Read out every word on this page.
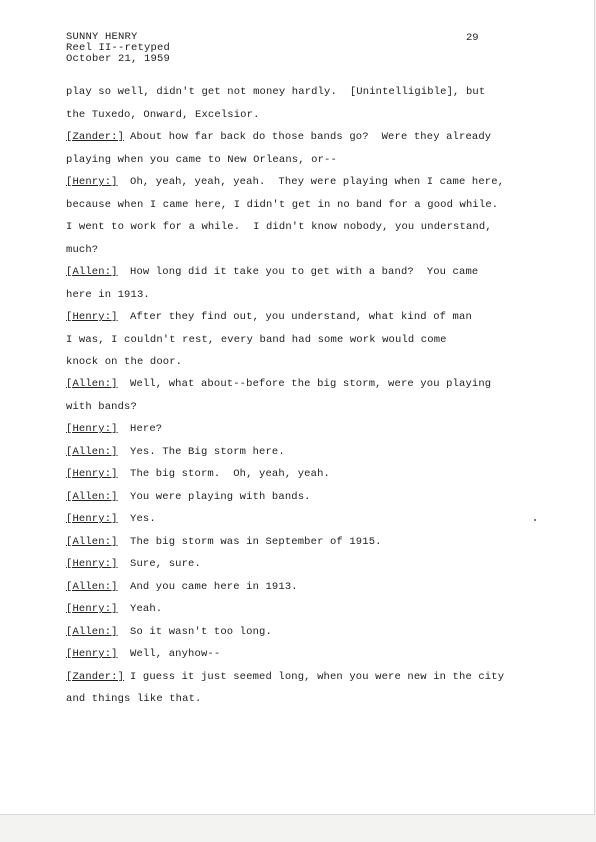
SUNNY HENRY
Reel II--retyped
October 21, 1959
29
play so well, didn't get not money hardly.  [Unintelligible], but
the Tuxedo, Onward, Excelsior.
[Zander:] About how far back do those bands go?  Were they already
playing when you came to New Orleans, or--
[Henry:] Oh, yeah, yeah, yeah.  They were playing when I came here,
because when I came here, I didn't get in no band for a good while.
I went to work for a while.  I didn't know nobody, you understand,
much?
[Allen:] How long did it take you to get with a band?  You came
here in 1913.
[Henry:] After they find out, you understand, what kind of man
I was, I couldn't rest, every band had some work would come
knock on the door.
[Allen:] Well, what about--before the big storm, were you playing
with bands?
[Henry:] Here?
[Allen:] Yes. The Big storm here.
[Henry:] The big storm.  Oh, yeah, yeah.
[Allen:] You were playing with bands.
[Henry:] Yes.
[Allen:] The big storm was in September of 1915.
[Henry:] Sure, sure.
[Allen:] And you came here in 1913.
[Henry:] Yeah.
[Allen:] So it wasn't too long.
[Henry:] Well, anyhow--
[Zander:] I guess it just seemed long, when you were new in the city
and things like that.
